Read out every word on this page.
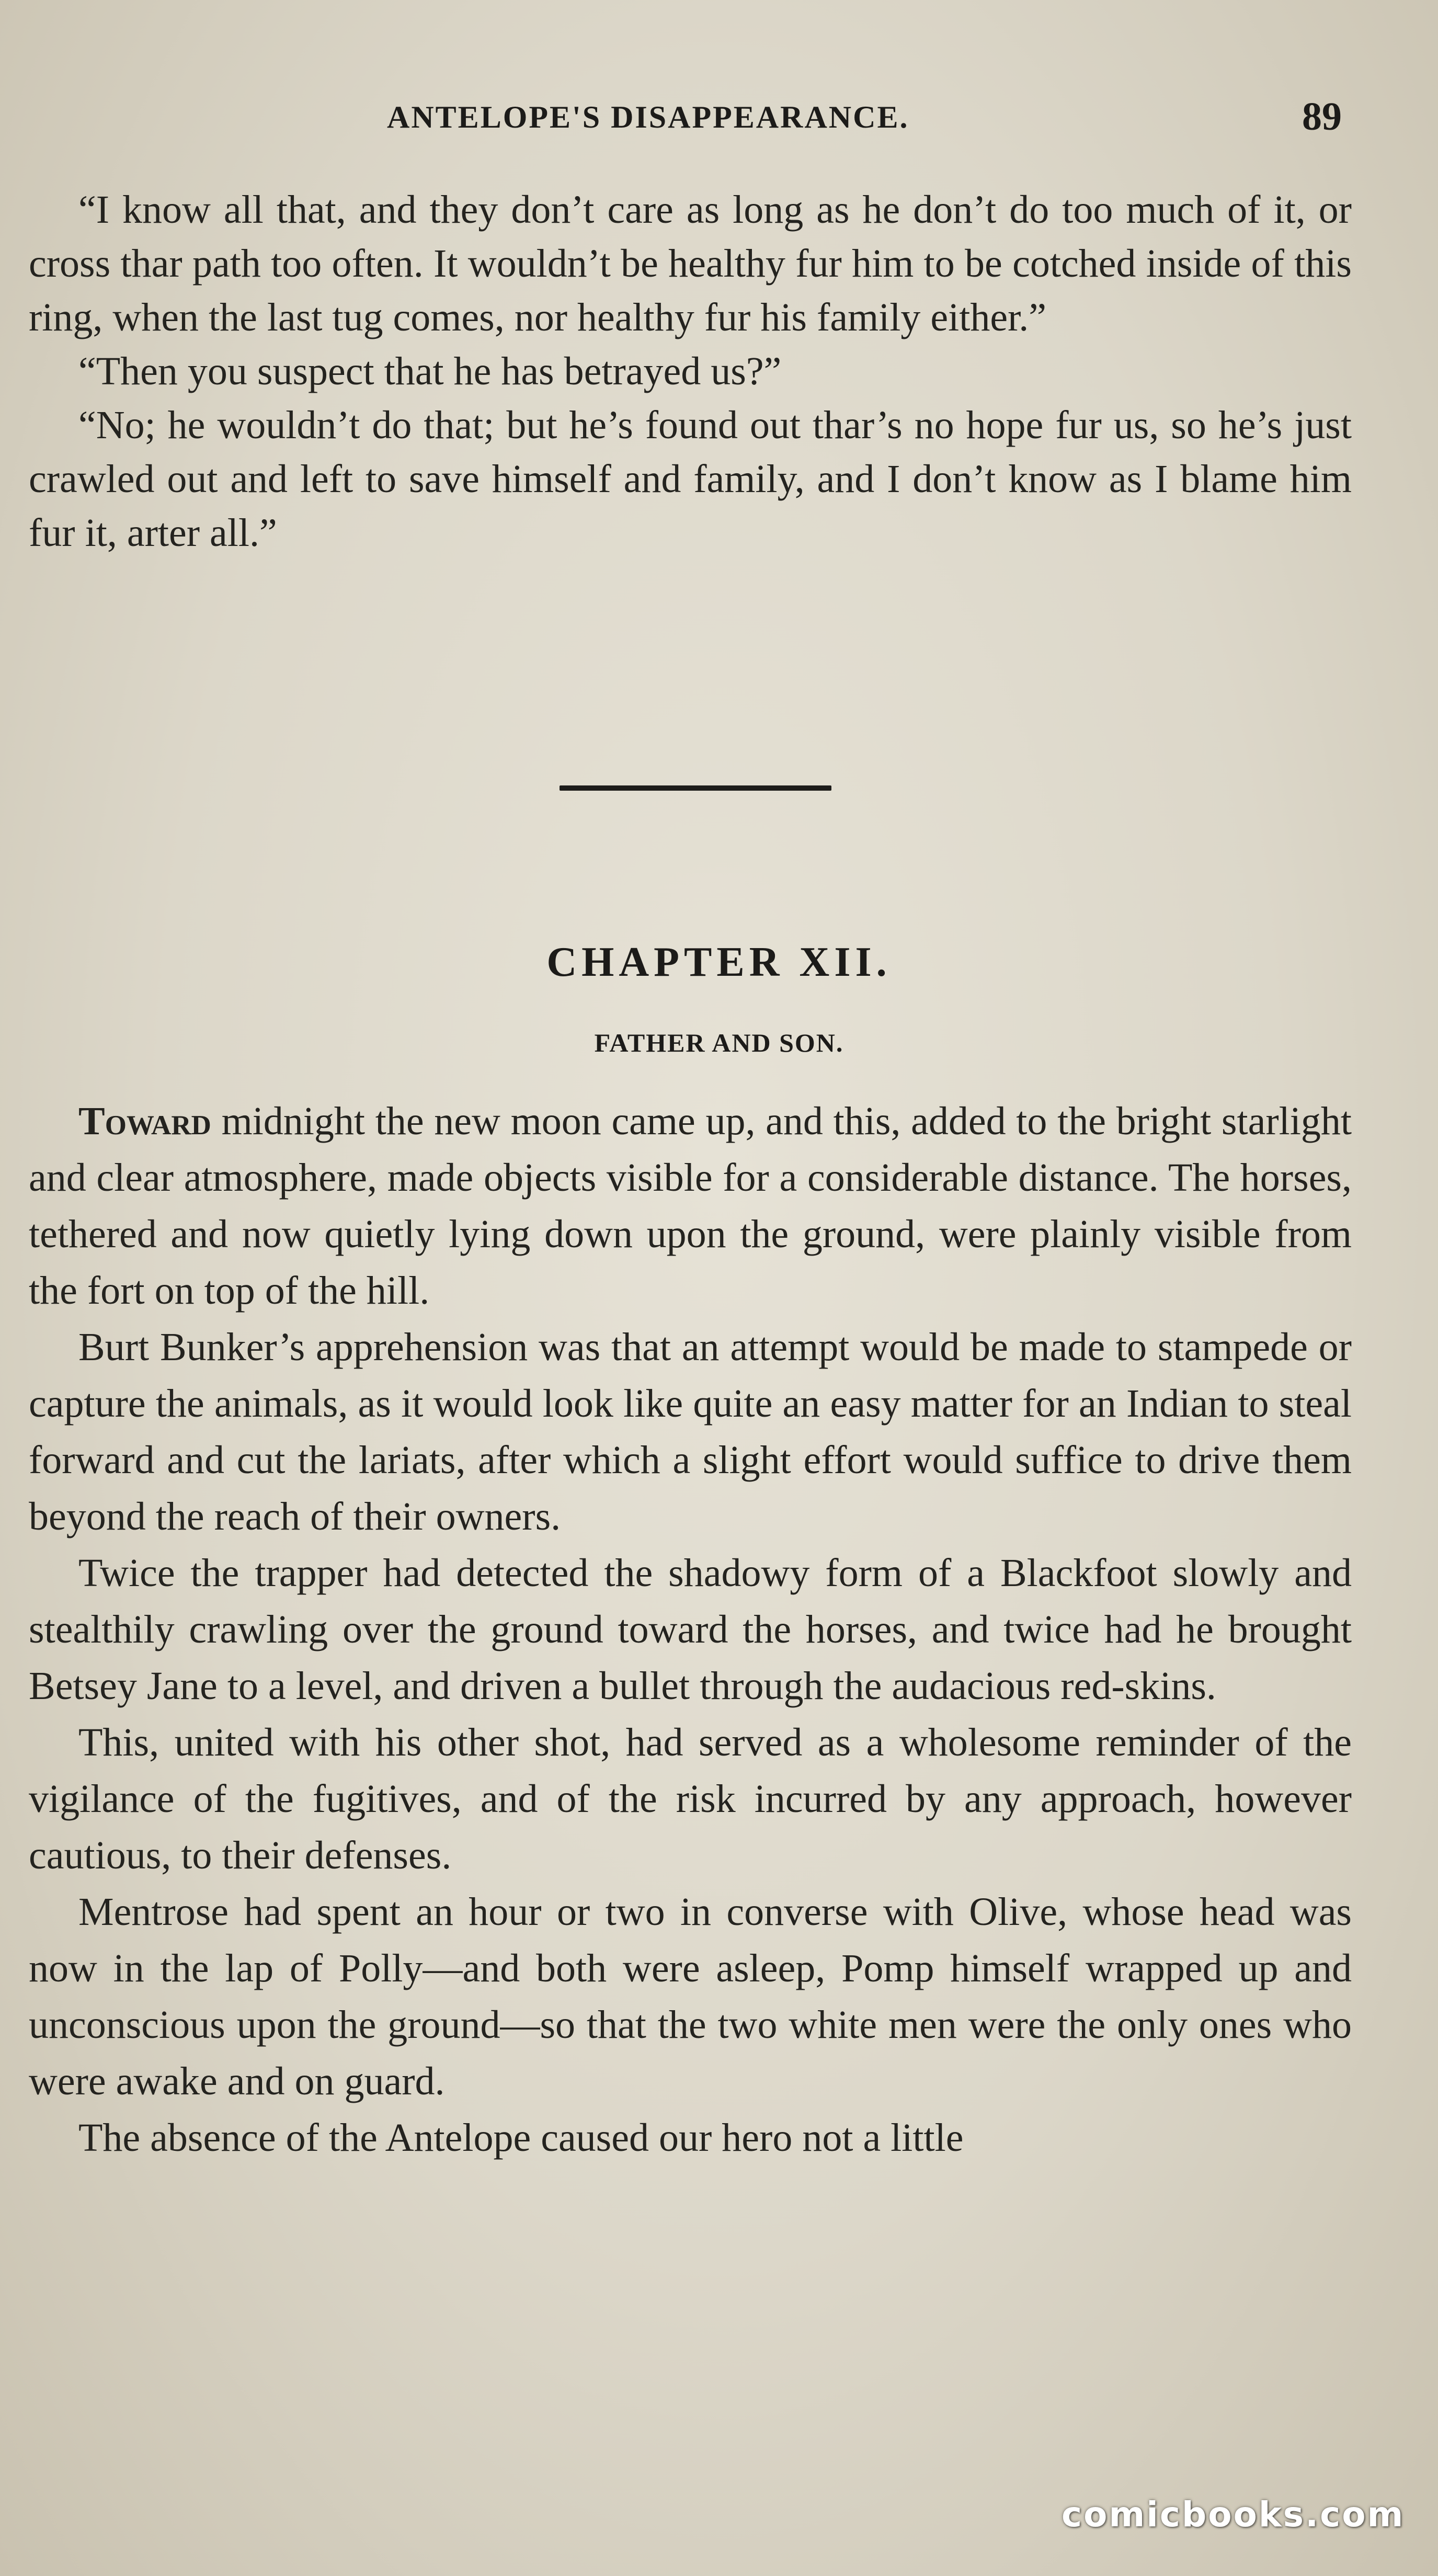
ANTELOPE'S DISAPPEARANCE.	89

“I know all that, and they don’t care as long as he don’t do too much of it, or cross thar path too often. It wouldn’t be healthy fur him to be cotched inside of this ring, when the last tug comes, nor healthy fur his family either.”

“Then you suspect that he has betrayed us?”

“No; he wouldn’t do that; but he’s found out thar’s no hope fur us, so he’s just crawled out and left to save himself and family, and I don’t know as I blame him fur it, arter all.”

CHAPTER XII.
FATHER AND SON.

Toward midnight the new moon came up, and this, added to the bright starlight and clear atmosphere, made objects visible for a considerable distance. The horses, tethered and now quietly lying down upon the ground, were plainly visible from the fort on top of the hill.

Burt Bunker’s apprehension was that an attempt would be made to stampede or capture the animals, as it would look like quite an easy matter for an Indian to steal forward and cut the lariats, after which a slight effort would suffice to drive them beyond the reach of their owners.

Twice the trapper had detected the shadowy form of a Blackfoot slowly and stealthily crawling over the ground toward the horses, and twice had he brought Betsey Jane to a level, and driven a bullet through the audacious red-skins.

This, united with his other shot, had served as a wholesome reminder of the vigilance of the fugitives, and of the risk incurred by any approach, however cautious, to their defenses.

Mentrose had spent an hour or two in converse with Olive, whose head was now in the lap of Polly—and both were asleep, Pomp himself wrapped up and unconscious upon the ground—so that the two white men were the only ones who were awake and on guard.

The absence of the Antelope caused our hero not a little

comicbooks.com
